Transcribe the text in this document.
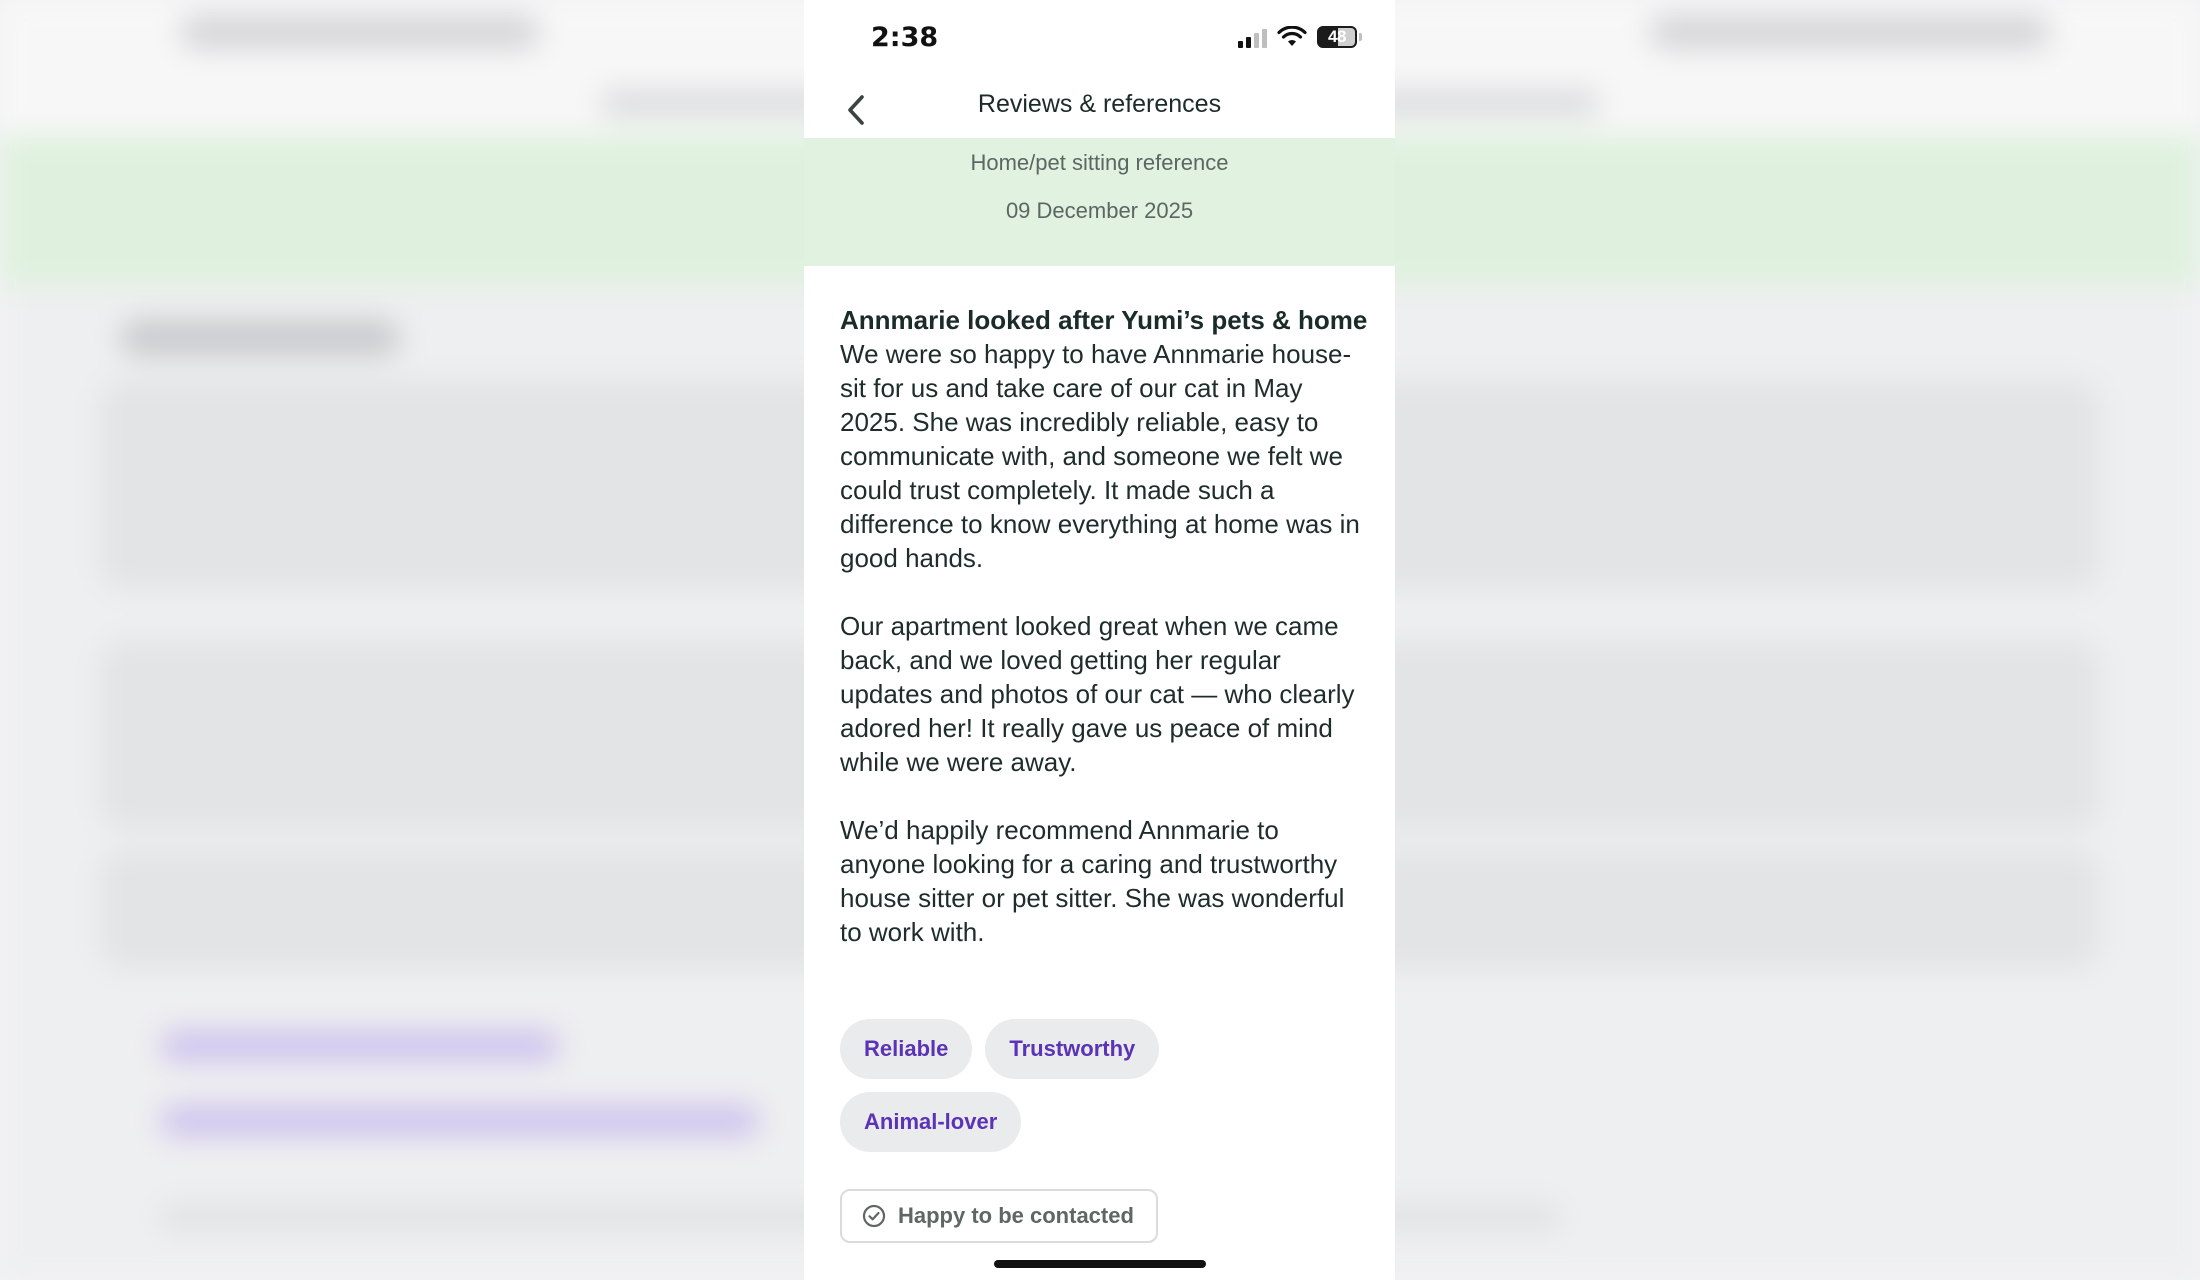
2:38	48
Reviews & references
Home/pet sitting reference
09 December 2025
Annmarie looked after Yumi’s pets & home

We were so happy to have Annmarie house-sit for us and take care of our cat in May 2025. She was incredibly reliable, easy to communicate with, and someone we felt we could trust completely. It made such a difference to know everything at home was in good hands.

Our apartment looked great when we came back, and we loved getting her regular updates and photos of our cat — who clearly adored her! It really gave us peace of mind while we were away.

We’d happily recommend Annmarie to anyone looking for a caring and trustworthy house sitter or pet sitter. She was wonderful to work with.

Reliable	Trustworthy
Animal-lover
Happy to be contacted
